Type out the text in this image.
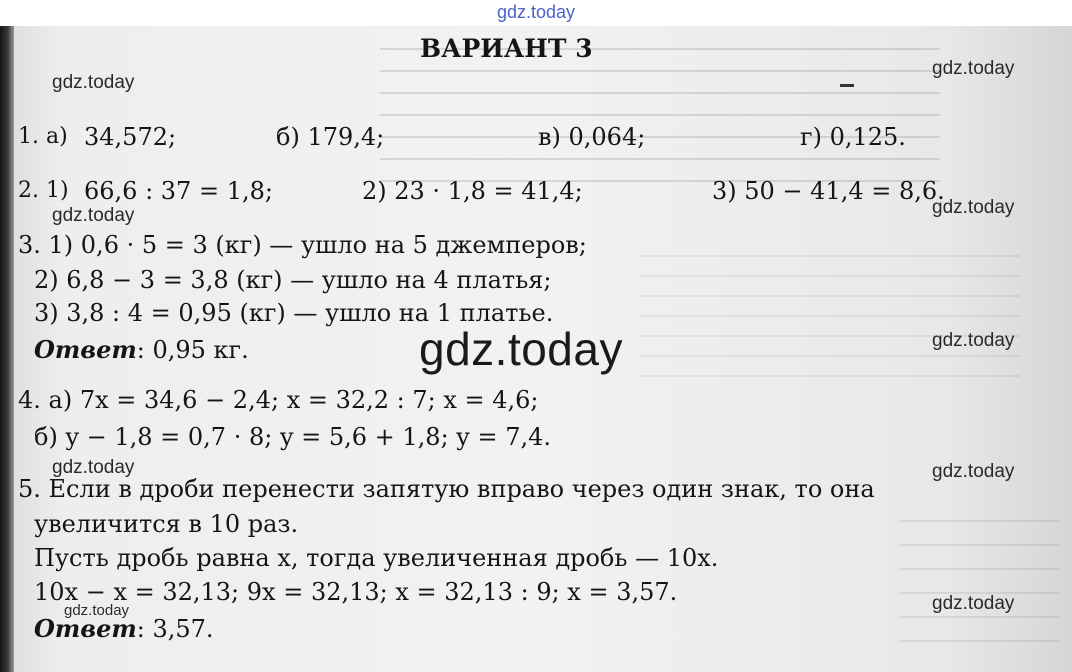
gdz.today
ВАРИАНТ 3
gdz.today
gdz.today
gdz.today	gdz.today
gdz.today
gdz.today	gdz.today
gdz.today	gdz.today
1. а) 34,572;	б) 179,4;	в) 0,064;	г) 0,125.
2. 1) 66,6 : 37 = 1,8;	2) 23 · 1,8 = 41,4;	3) 50 − 41,4 = 8,6.
3. 1) 0,6 · 5 = 3 (кг) — ушло на 5 джемперов;
2) 6,8 − 3 = 3,8 (кг) — ушло на 4 платья;
3) 3,8 : 4 = 0,95 (кг) — ушло на 1 платье.
Ответ: 0,95 кг.
4. а) 7x = 34,6 − 2,4; x = 32,2 : 7; x = 4,6;
б) y − 1,8 = 0,7 · 8; y = 5,6 + 1,8; y = 7,4.
5. Если в дроби перенести запятую вправо через один знак, то она
увеличится в 10 раз.
Пусть дробь равна x, тогда увеличенная дробь — 10x.
10x − x = 32,13; 9x = 32,13; x = 32,13 : 9; x = 3,57.
Ответ: 3,57.
gdz.today
